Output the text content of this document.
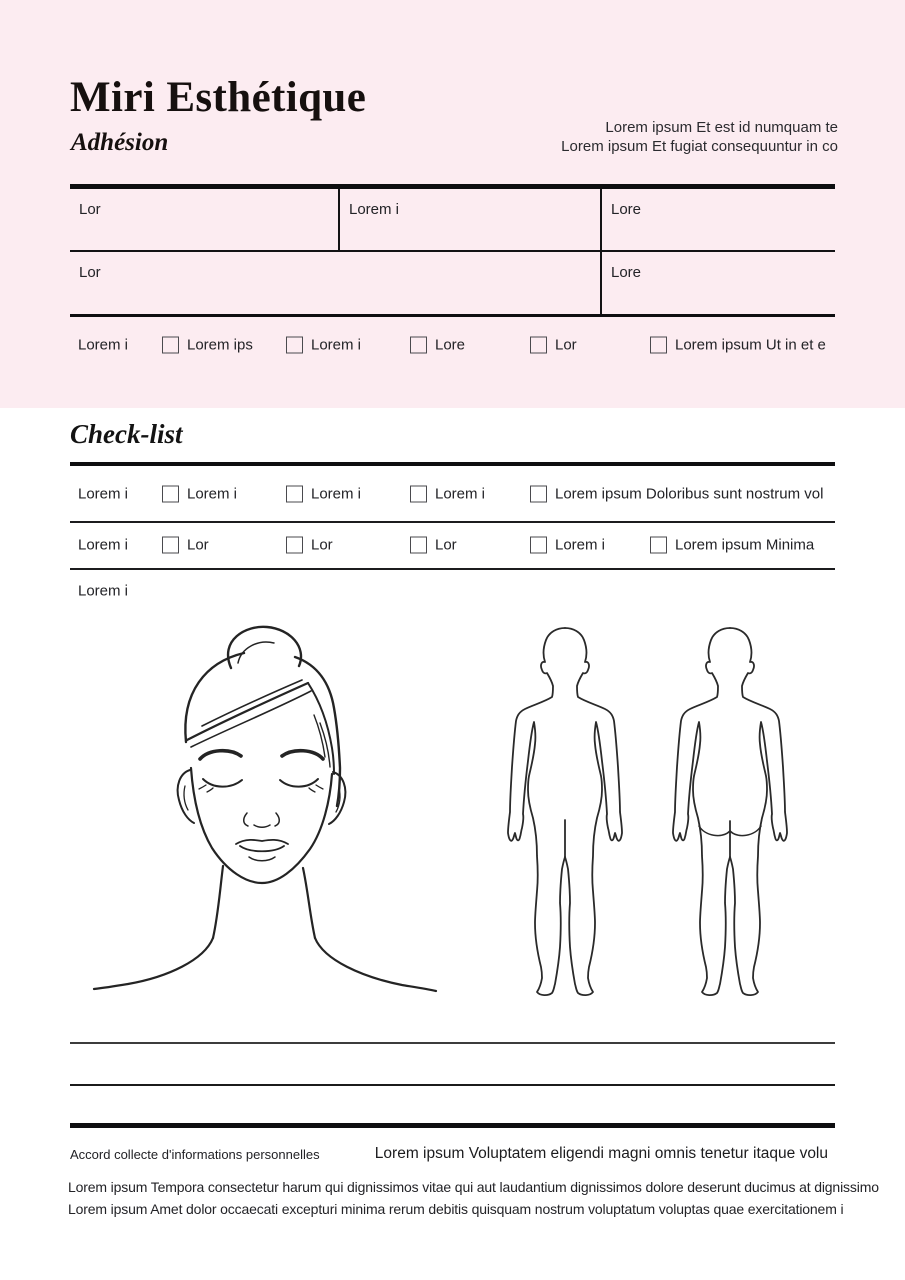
Miri Esthétique
Adhésion
Lorem ipsum Et est id numquam te
Lorem ipsum Et fugiat consequuntur in co
Lor	Lorem i	Lore
Lor	Lore
Lorem i	Lorem ips	Lorem i	Lore	Lor	Lorem ipsum Ut in et e
Check-list
Lorem i	Lorem i	Lorem i	Lorem i	Lorem ipsum Doloribus sunt nostrum vol
Lorem i	Lor	Lor	Lor	Lorem i	Lorem ipsum Minima
Lorem i
Accord collecte d'informations personnelles	Lorem ipsum Voluptatem eligendi magni omnis tenetur itaque volu
Lorem ipsum Tempora consectetur harum qui dignissimos vitae qui aut laudantium dignissimos dolore deserunt ducimus at dignissimo
Lorem ipsum Amet dolor occaecati excepturi minima rerum debitis quisquam nostrum voluptatum voluptas quae exercitationem i
